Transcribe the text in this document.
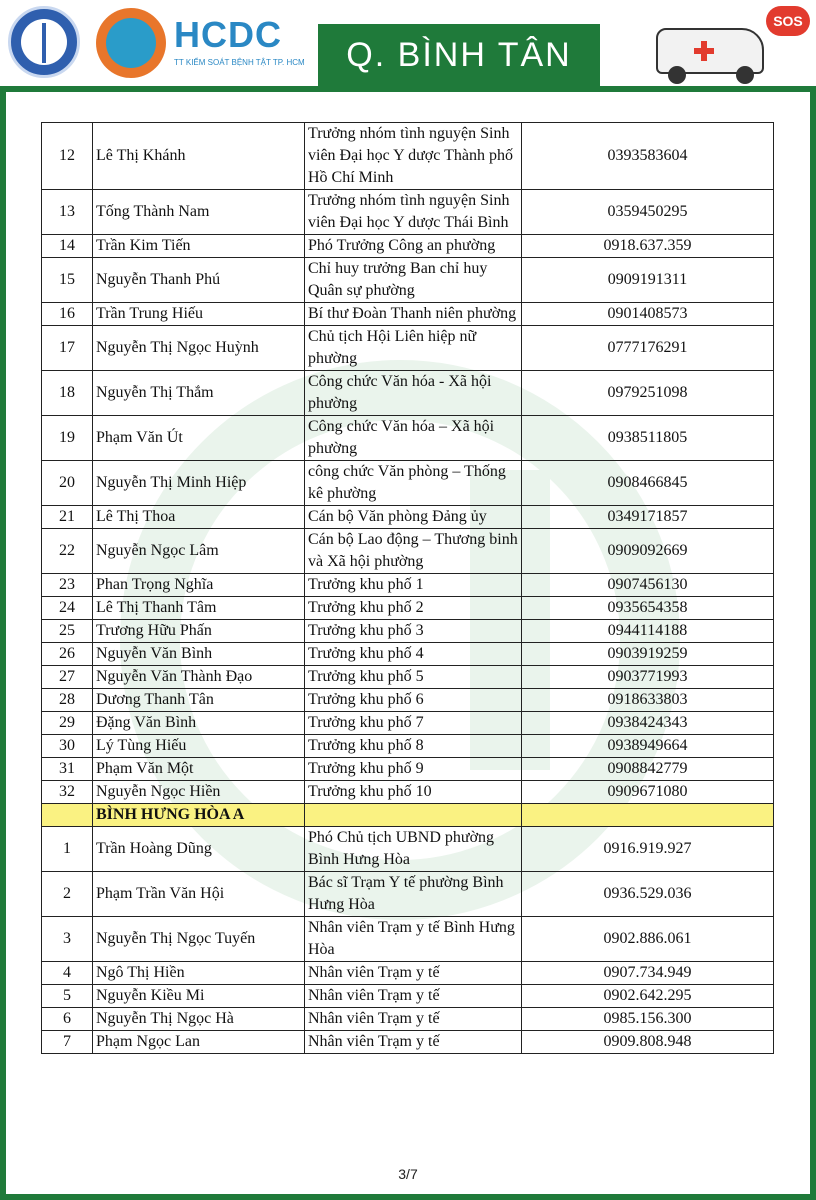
HCDC
TT KIỂM SOÁT BỆNH TẬT TP. HCM	Q. BÌNH TÂN
SOS
12	Lê Thị Khánh	Trưởng nhóm tình nguyện Sinh viên Đại học Y dược Thành phố Hồ Chí Minh	0393583604
13	Tống Thành Nam	Trưởng nhóm tình nguyện Sinh viên Đại học Y dược Thái Bình	0359450295
14	Trần Kim Tiến	Phó Trưởng Công an phường	0918.637.359
15	Nguyễn Thanh Phú	Chỉ huy trưởng Ban chỉ huy Quân sự phường	0909191311
16	Trần Trung Hiếu	Bí thư Đoàn Thanh niên phường	0901408573
17	Nguyễn Thị Ngọc Huỳnh	Chủ tịch Hội Liên hiệp nữ phường	0777176291
18	Nguyễn Thị Thắm	Công chức Văn hóa - Xã hội phường	0979251098
19	Phạm Văn Út	Công chức Văn hóa – Xã hội phường	0938511805
20	Nguyễn Thị Minh Hiệp	công chức Văn phòng – Thống kê phường	0908466845
21	Lê Thị Thoa	Cán bộ Văn phòng Đảng ủy	0349171857
22	Nguyễn Ngọc Lâm	Cán bộ Lao động – Thương binh và Xã hội phường	0909092669
23	Phan Trọng Nghĩa	Trưởng khu phố 1	0907456130
24	Lê Thị Thanh Tâm	Trưởng khu phố 2	0935654358
25	Trương Hữu Phấn	Trưởng khu phố 3	0944114188
26	Nguyễn Văn Bình	Trưởng khu phố 4	0903919259
27	Nguyễn Văn Thành Đạo	Trưởng khu phố 5	0903771993
28	Dương Thanh Tân	Trưởng khu phố 6	0918633803
29	Đặng Văn Bình	Trưởng khu phố 7	0938424343
30	Lý Tùng Hiếu	Trưởng khu phố 8	0938949664
31	Phạm Văn Một	Trưởng khu phố 9	0908842779
32	Nguyễn Ngọc Hiền	Trưởng khu phố 10	0909671080
	BÌNH HƯNG HÒA A		
1	Trần Hoàng Dũng	Phó Chủ tịch UBND phường Bình Hưng Hòa	0916.919.927
2	Phạm Trần Văn Hội	Bác sĩ Trạm Y tế phường Bình Hưng Hòa	0936.529.036
3	Nguyễn Thị Ngọc Tuyến	Nhân viên Trạm y tế Bình Hưng Hòa	0902.886.061
4	Ngô Thị Hiền	Nhân viên Trạm y tế	0907.734.949
5	Nguyễn Kiều Mi	Nhân viên Trạm y tế	0902.642.295
6	Nguyễn Thị Ngọc Hà	Nhân viên Trạm y tế	0985.156.300
7	Phạm Ngọc Lan	Nhân viên Trạm y tế	0909.808.948
3/7
